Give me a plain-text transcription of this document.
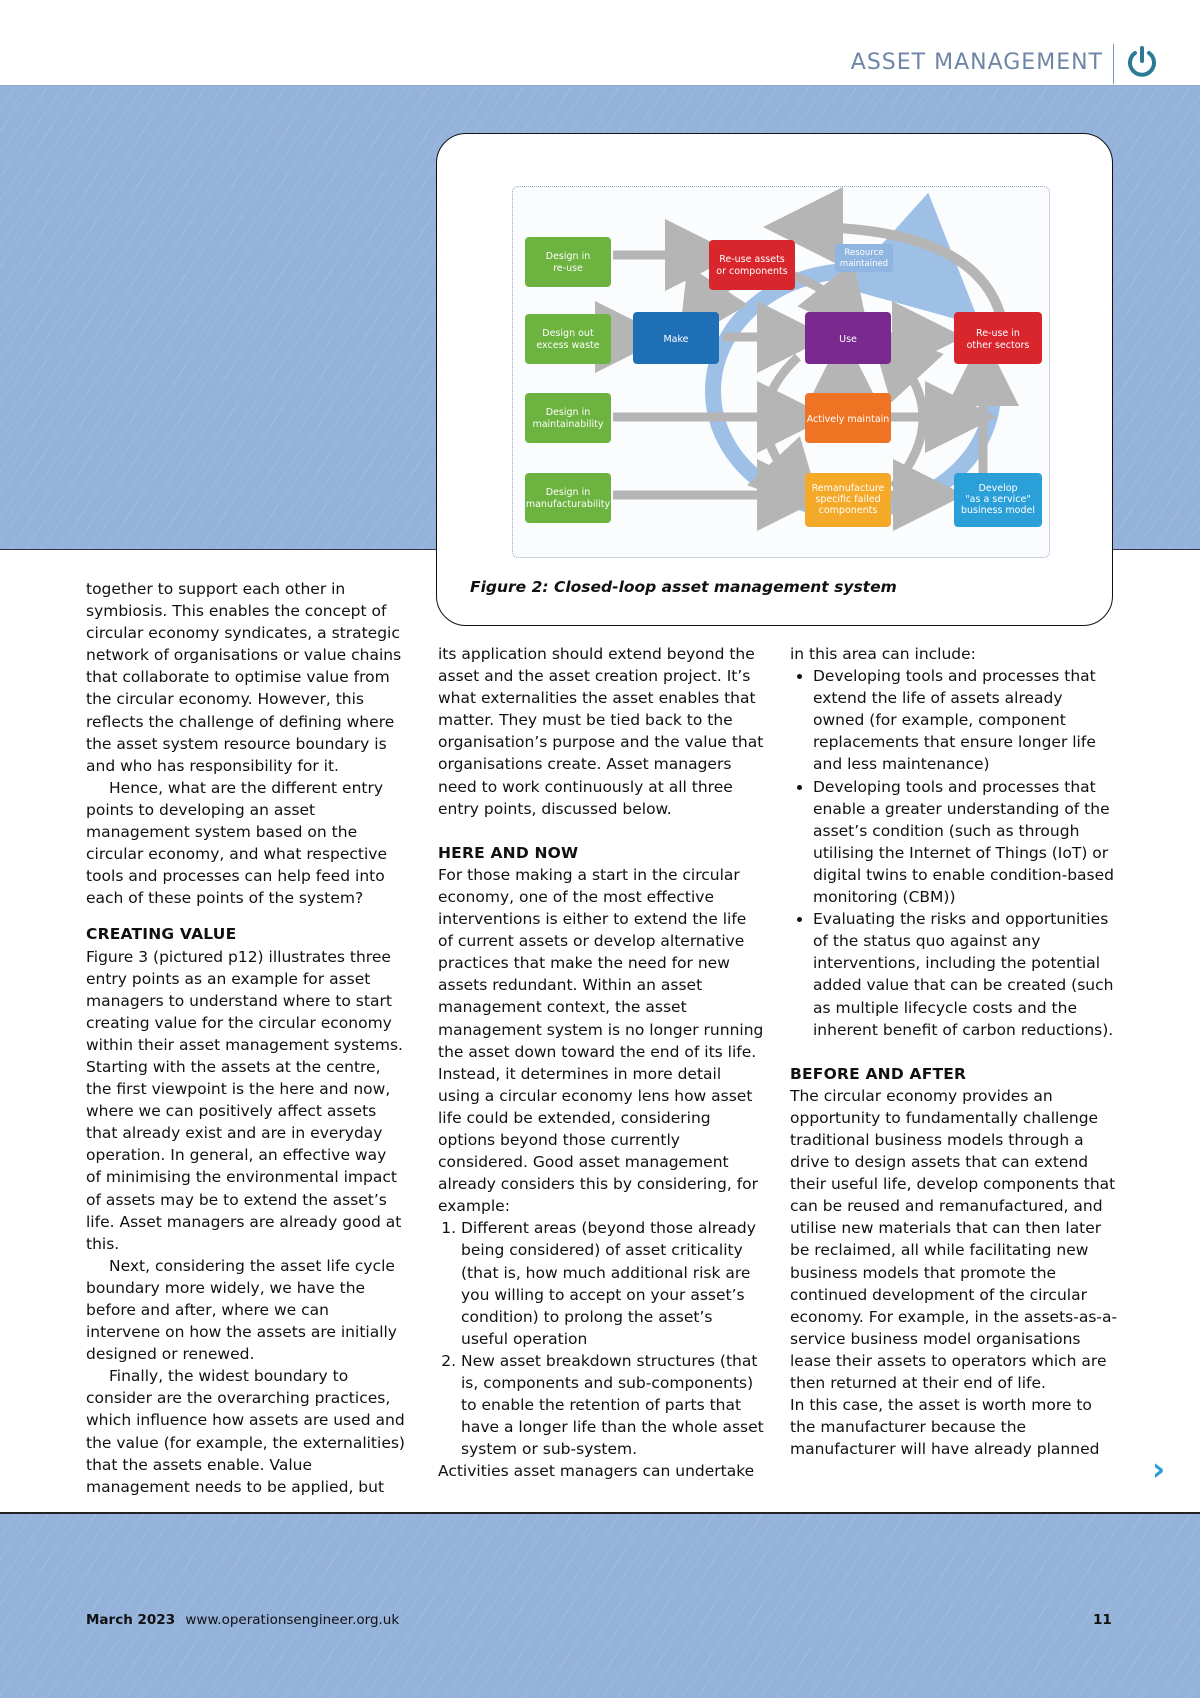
ASSET MANAGEMENT
Design in
re-use
Design out
excess waste
Design in
maintainability
Design in
manufacturability
Re-use assets
or components
Resource
maintained
Make	Use
Re-use in
other sectors
Actively maintain
Remanufacture
specific failed
components
Develop
"as a service"
business model
Figure 2: Closed-loop asset management system

together to support each other in symbiosis. This enables the concept of circular economy syndicates, a strategic network of organisations or value chains that collaborate to optimise value from the circular economy. However, this reflects the challenge of defining where the asset system resource boundary is and who has responsibility for it.

Hence, what are the different entry points to developing an asset management system based on the circular economy, and what respective tools and processes can help feed into each of these points of the system?

CREATING VALUE

Figure 3 (pictured p12) illustrates three entry points as an example for asset managers to understand where to start creating value for the circular economy within their asset management systems. Starting with the assets at the centre, the first viewpoint is the here and now, where we can positively affect assets that already exist and are in everyday operation. In general, an effective way of minimising the environmental impact of assets may be to extend the asset’s life. Asset managers are already good at this.

Next, considering the asset life cycle boundary more widely, we have the before and after, where we can intervene on how the assets are initially designed or renewed.

Finally, the widest boundary to consider are the overarching practices, which influence how assets are used and the value (for example, the externalities) that the assets enable. Value management needs to be applied, but

its application should extend beyond the asset and the asset creation project. It’s what externalities the asset enables that matter. They must be tied back to the organisation’s purpose and the value that organisations create. Asset managers need to work continuously at all three entry points, discussed below.

HERE AND NOW

For those making a start in the circular economy, one of the most effective interventions is either to extend the life of current assets or develop alternative practices that make the need for new assets redundant. Within an asset management context, the asset management system is no longer running the asset down toward the end of its life. Instead, it determines in more detail using a circular economy lens how asset life could be extended, considering options beyond those currently considered. Good asset management already considers this by considering, for example:

1. Different areas (beyond those already being considered) of asset criticality (that is, how much additional risk are you willing to accept on your asset’s condition) to prolong the asset’s useful operation
2. New asset breakdown structures (that is, components and sub-components) to enable the retention of parts that have a longer life than the whole asset system or sub-system.

Activities asset managers can undertake

in this area can include:

• Developing tools and processes that extend the life of assets already owned (for example, component replacements that ensure longer life and less maintenance)
• Developing tools and processes that enable a greater understanding of the asset’s condition (such as through utilising the Internet of Things (IoT) or digital twins to enable condition-based monitoring (CBM))
• Evaluating the risks and opportunities of the status quo against any interventions, including the potential added value that can be created (such as multiple lifecycle costs and the inherent benefit of carbon reductions).

BEFORE AND AFTER

The circular economy provides an opportunity to fundamentally challenge traditional business models through a drive to design assets that can extend their useful life, develop components that can be reused and remanufactured, and utilise new materials that can then later be reclaimed, all while facilitating new business models that promote the continued development of the circular economy. For example, in the assets-as-a-service business model organisations lease their assets to operators which are then returned at their end of life.

In this case, the asset is worth more to the manufacturer because the manufacturer will have already planned

›
March 2023 www.operationsengineer.org.uk	11
